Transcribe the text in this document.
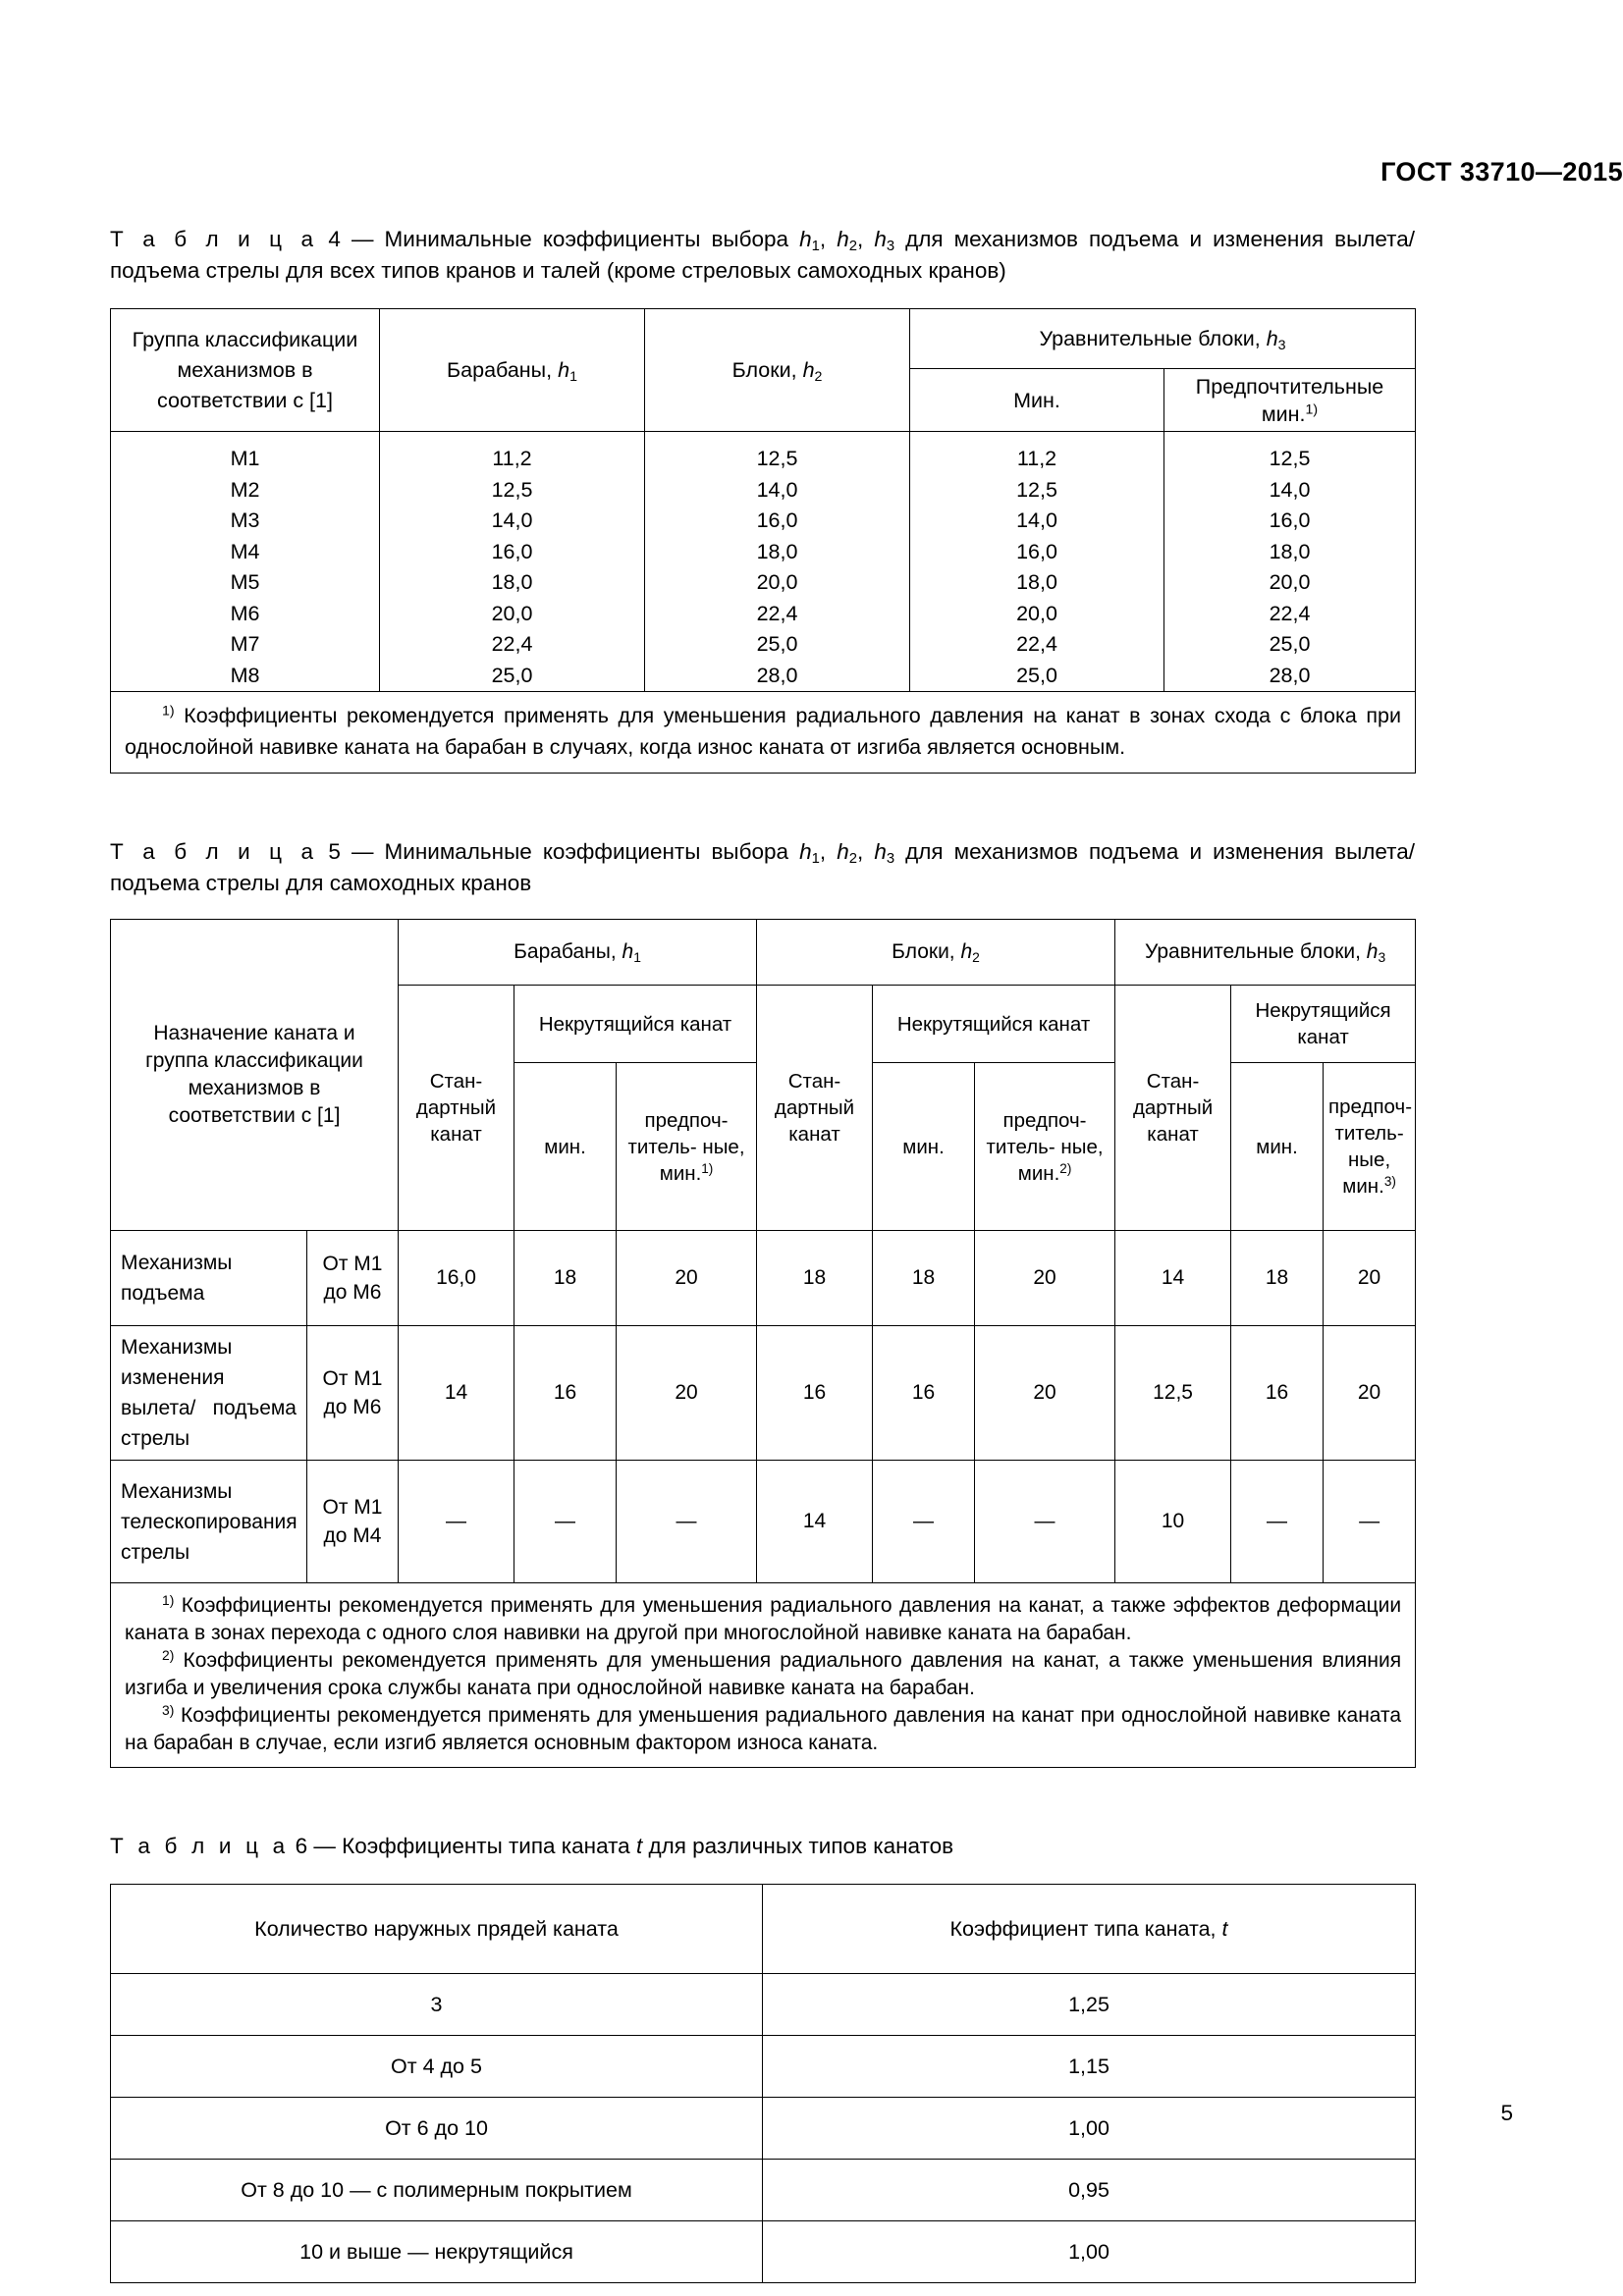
ГОСТ 33710—2015

Т а б л и ц а 4 — Минимальные коэффициенты выбора $h_1$, $h_2$, $h_3$ для механизмов подъема и изменения вылета/ подъема стрелы для всех типов кранов и талей (кроме стреловых самоходных кранов)

Группа классификации механизмов в соответствии с [1]	Барабаны, $h_1$	Блоки, $h_2$	Уравнительные блоки, $h_3$
			Мин.	Предпочтительные мин.$^{1)}$
M1	11,2	12,5	11,2	12,5
M2	12,5	14,0	12,5	14,0
M3	14,0	16,0	14,0	16,0
M4	16,0	18,0	16,0	18,0
M5	18,0	20,0	18,0	20,0
M6	20,0	22,4	20,0	22,4
M7	22,4	25,0	22,4	25,0
M8	25,0	28,0	25,0	28,0

$^{1)}$ Коэффициенты рекомендуется применять для уменьшения радиального давления на канат в зонах схода с блока при однослойной навивке каната на барабан в случаях, когда износ каната от изгиба является основным.				

Т а б л и ц а 5 — Минимальные коэффициенты выбора $h_1$, $h_2$, $h_3$ для механизмов подъема и изменения вылета/ подъема стрелы для самоходных кранов

Назначение каната и группа классификации механизмов в соответствии с [1]		Барабаны, $h_1$			Блоки, $h_2$			Уравнительные блоки, $h_3$
		Стан- дартный канат	Некрутящийся канат		Стан- дартный канат	Некрутящийся канат		Стан- дартный канат	Некрутящийся канат	
			мин.	предпоч- титель- ные, мин.$^{1)}$		мин.	предпоч- титель- ные, мин.$^{2)}$		мин.	предпоч- титель- ные, мин.$^{3)}$

Механизмы подъема	От М1 до М6	16,0	18	20	18	18	20	14	18	20
Механизмы изменения вылета/ подъема стрелы	От М1 до М6	14	16	20	16	16	20	12,5	16	20
Механизмы телескопирования стрелы	От М1 до М4	—	—	—	14	—	—	10	—	—

$^{1)}$ Коэффициенты рекомендуется применять для уменьшения радиального давления на канат, а также эффектов деформации каната в зонах перехода с одного слоя навивки на другой при многослойной навивке каната на барабан.

$^{2)}$ Коэффициенты рекомендуется применять для уменьшения радиального давления на канат, а также уменьшения влияния изгиба и увеличения срока службы каната при однослойной навивке каната на барабан.

$^{3)}$ Коэффициенты рекомендуется применять для уменьшения радиального давления на канат при однослойной навивке каната на барабан в случае, если изгиб является основным фактором износа каната.										

Т а б л и ц а 6 — Коэффициенты типа каната t для различных типов канатов

Количество наружных прядей каната	Коэффициент типа каната, t
3	1,25
От 4 до 5	1,15
От 6 до 10	1,00
От 8 до 10 — с полимерным покрытием	0,95
10 и выше — некрутящийся	1,00
5
